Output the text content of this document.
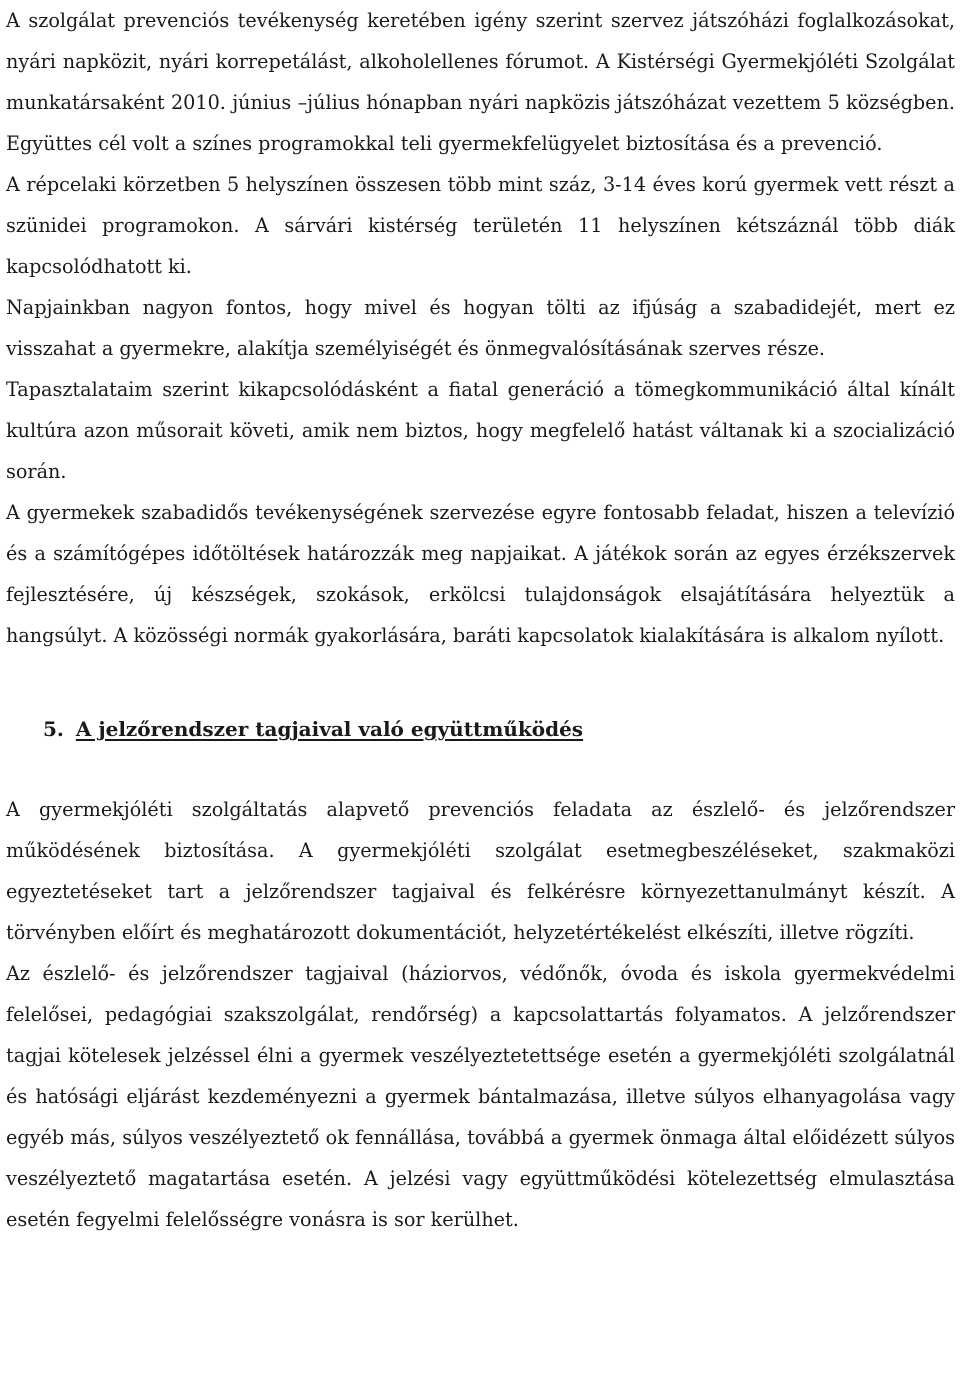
A szolgálat prevenciós tevékenység keretében igény szerint szervez játszóházi foglalkozásokat, nyári napközit, nyári korrepetálást, alkoholellenes fórumot. A Kistérségi Gyermekjóléti Szolgálat munkatársaként 2010. június –július hónapban nyári napközis játszóházat vezettem 5 községben. Együttes cél volt a színes programokkal teli gyermekfelügyelet biztosítása és a prevenció.

A répcelaki körzetben 5 helyszínen összesen több mint száz, 3-14 éves korú gyermek vett részt a szünidei programokon. A sárvári kistérség területén 11 helyszínen kétszáznál több diák kapcsolódhatott ki.

Napjainkban nagyon fontos, hogy mivel és hogyan tölti az ifjúság a szabadidejét, mert ez visszahat a gyermekre, alakítja személyiségét és önmegvalósításának szerves része.

Tapasztalataim szerint kikapcsolódásként a fiatal generáció a tömegkommunikáció által kínált kultúra azon műsorait követi, amik nem biztos, hogy megfelelő hatást váltanak ki a szocializáció során.

A gyermekek szabadidős tevékenységének szervezése egyre fontosabb feladat, hiszen a televízió és a számítógépes időtöltések határozzák meg napjaikat. A játékok során az egyes érzékszervek fejlesztésére, új készségek, szokások, erkölcsi tulajdonságok elsajátítására helyeztük a hangsúlyt. A közösségi normák gyakorlására, baráti kapcsolatok kialakítására is alkalom nyílott.

5. A jelzőrendszer tagjaival való együttműködés

A gyermekjóléti szolgáltatás alapvető prevenciós feladata az észlelő- és jelzőrendszer működésének biztosítása. A gyermekjóléti szolgálat esetmegbeszéléseket, szakmaközi egyeztetéseket tart a jelzőrendszer tagjaival és felkérésre környezettanulmányt készít. A törvényben előírt és meghatározott dokumentációt, helyzetértékelést elkészíti, illetve rögzíti.

Az észlelő- és jelzőrendszer tagjaival (háziorvos, védőnők, óvoda és iskola gyermekvédelmi felelősei, pedagógiai szakszolgálat, rendőrség) a kapcsolattartás folyamatos. A jelzőrendszer tagjai kötelesek jelzéssel élni a gyermek veszélyeztetettsége esetén a gyermekjóléti szolgálatnál és hatósági eljárást kezdeményezni a gyermek bántalmazása, illetve súlyos elhanyagolása vagy egyéb más, súlyos veszélyeztető ok fennállása, továbbá a gyermek önmaga által előidézett súlyos veszélyeztető magatartása esetén. A jelzési vagy együttműködési kötelezettség elmulasztása esetén fegyelmi felelősségre vonásra is sor kerülhet.
